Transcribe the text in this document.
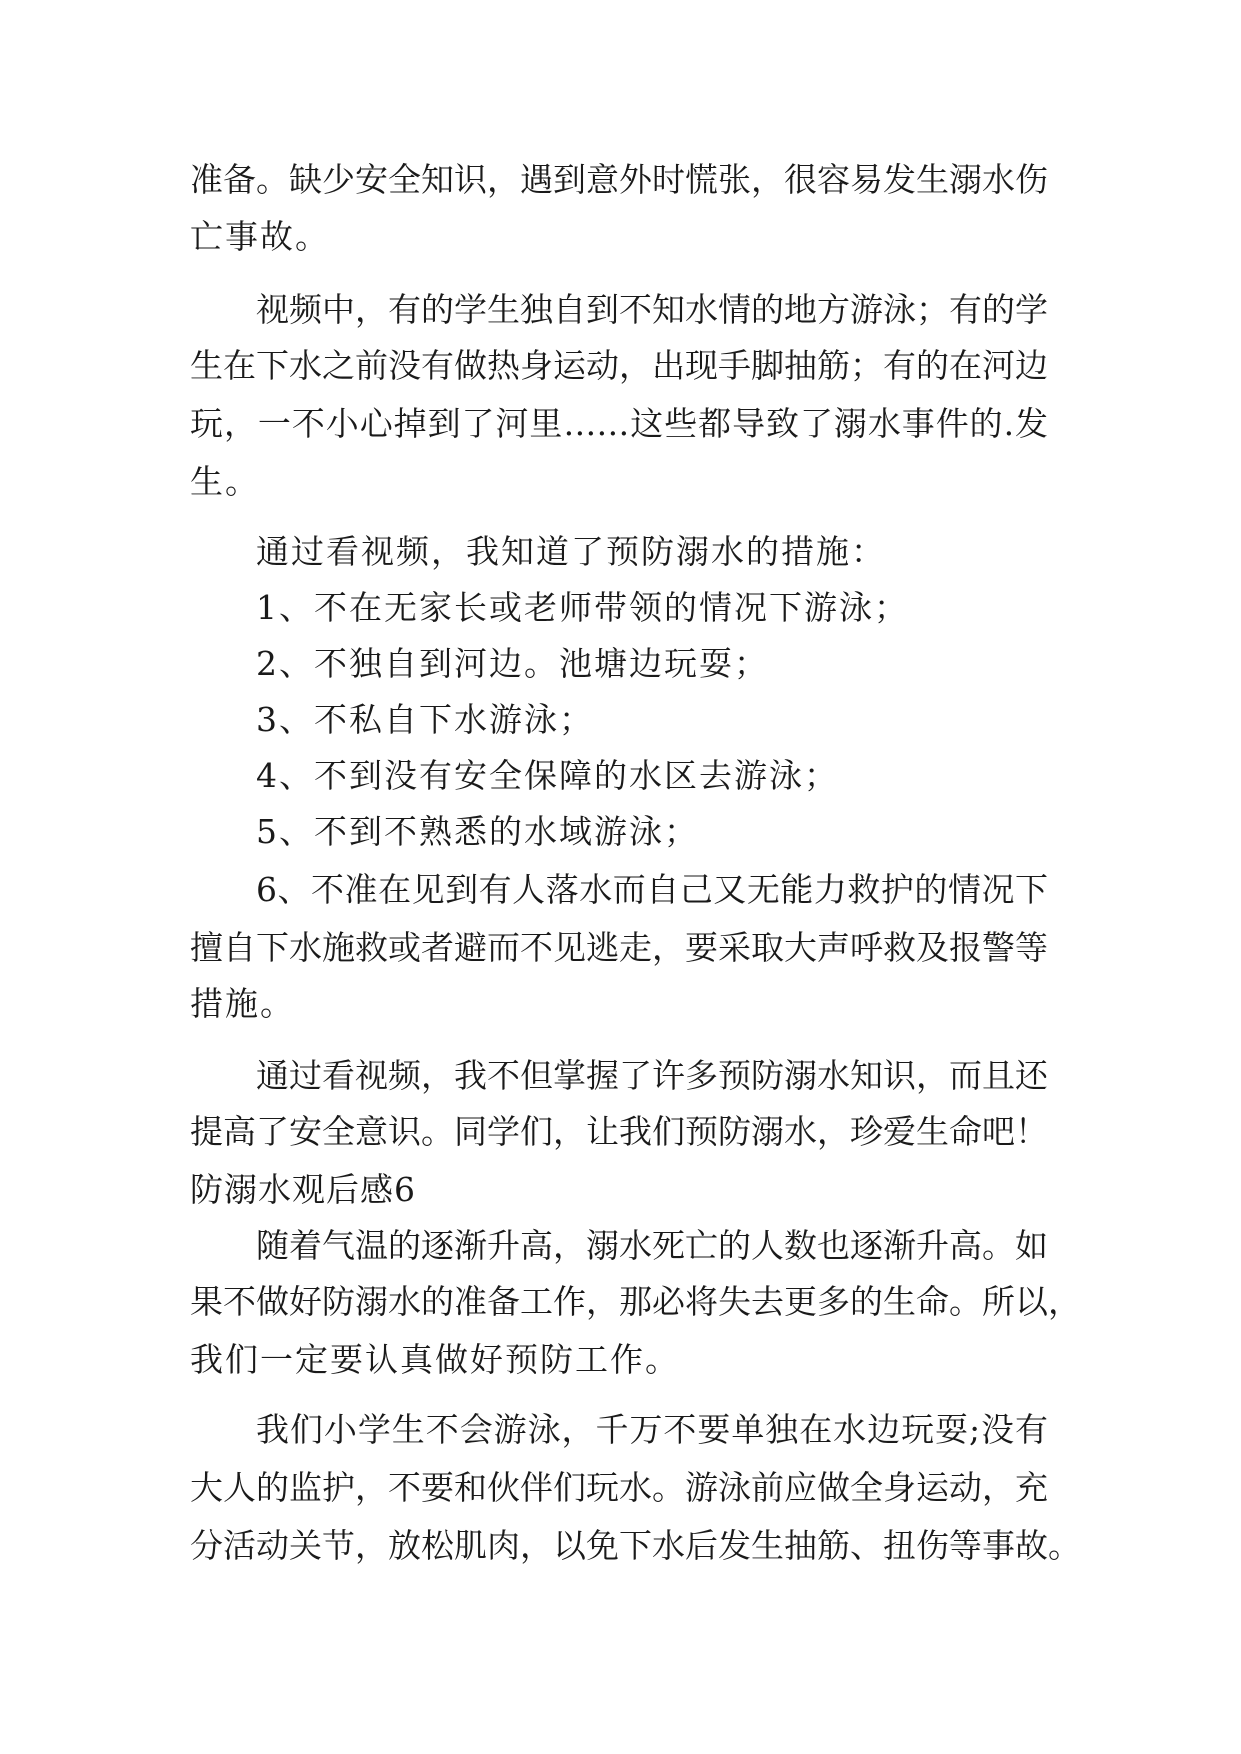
准备。缺少安全知识，遇到意外时慌张，很容易发生溺水伤
亡事故。
视频中，有的学生独自到不知水情的地方游泳；有的学
生在下水之前没有做热身运动，出现手脚抽筋；有的在河边
玩，一不小心掉到了河里……这些都导致了溺水事件的.发
生。
通过看视频，我知道了预防溺水的措施：
1、不在无家长或老师带领的情况下游泳；
2、不独自到河边。池塘边玩耍；
3、不私自下水游泳；
4、不到没有安全保障的水区去游泳；
5、不到不熟悉的水域游泳；
6、不准在见到有人落水而自己又无能力救护的情况下
擅自下水施救或者避而不见逃走，要采取大声呼救及报警等
措施。
通过看视频，我不但掌握了许多预防溺水知识，而且还
提高了安全意识。同学们，让我们预防溺水，珍爱生命吧！
防溺水观后感6
随着气温的逐渐升高，溺水死亡的人数也逐渐升高。如
果不做好防溺水的准备工作，那必将失去更多的生命。所以，
我们一定要认真做好预防工作。
我们小学生不会游泳，千万不要单独在水边玩耍;没有
大人的监护，不要和伙伴们玩水。游泳前应做全身运动，充
分活动关节，放松肌肉，以免下水后发生抽筋、扭伤等事故。
